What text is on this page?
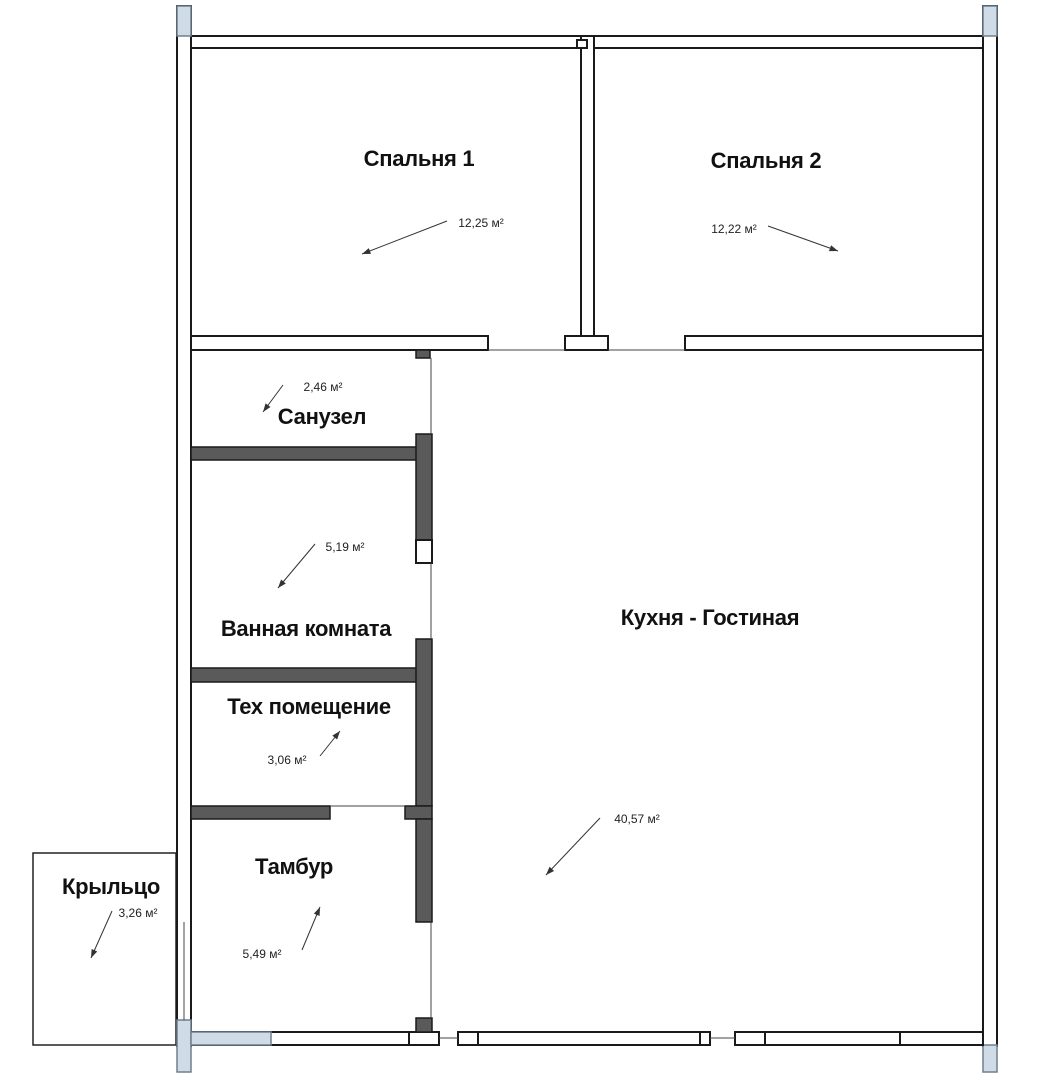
Спальня 1	Спальня 2
Санузел
Ванная комната	Кухня - Гостиная
Тех помещение
Тамбур
Крыльцо
12,25 м²	12,22 м²
2,46 м²
5,19 м²
40,57 м²
3,06 м²
5,49 м²
3,26 м²
